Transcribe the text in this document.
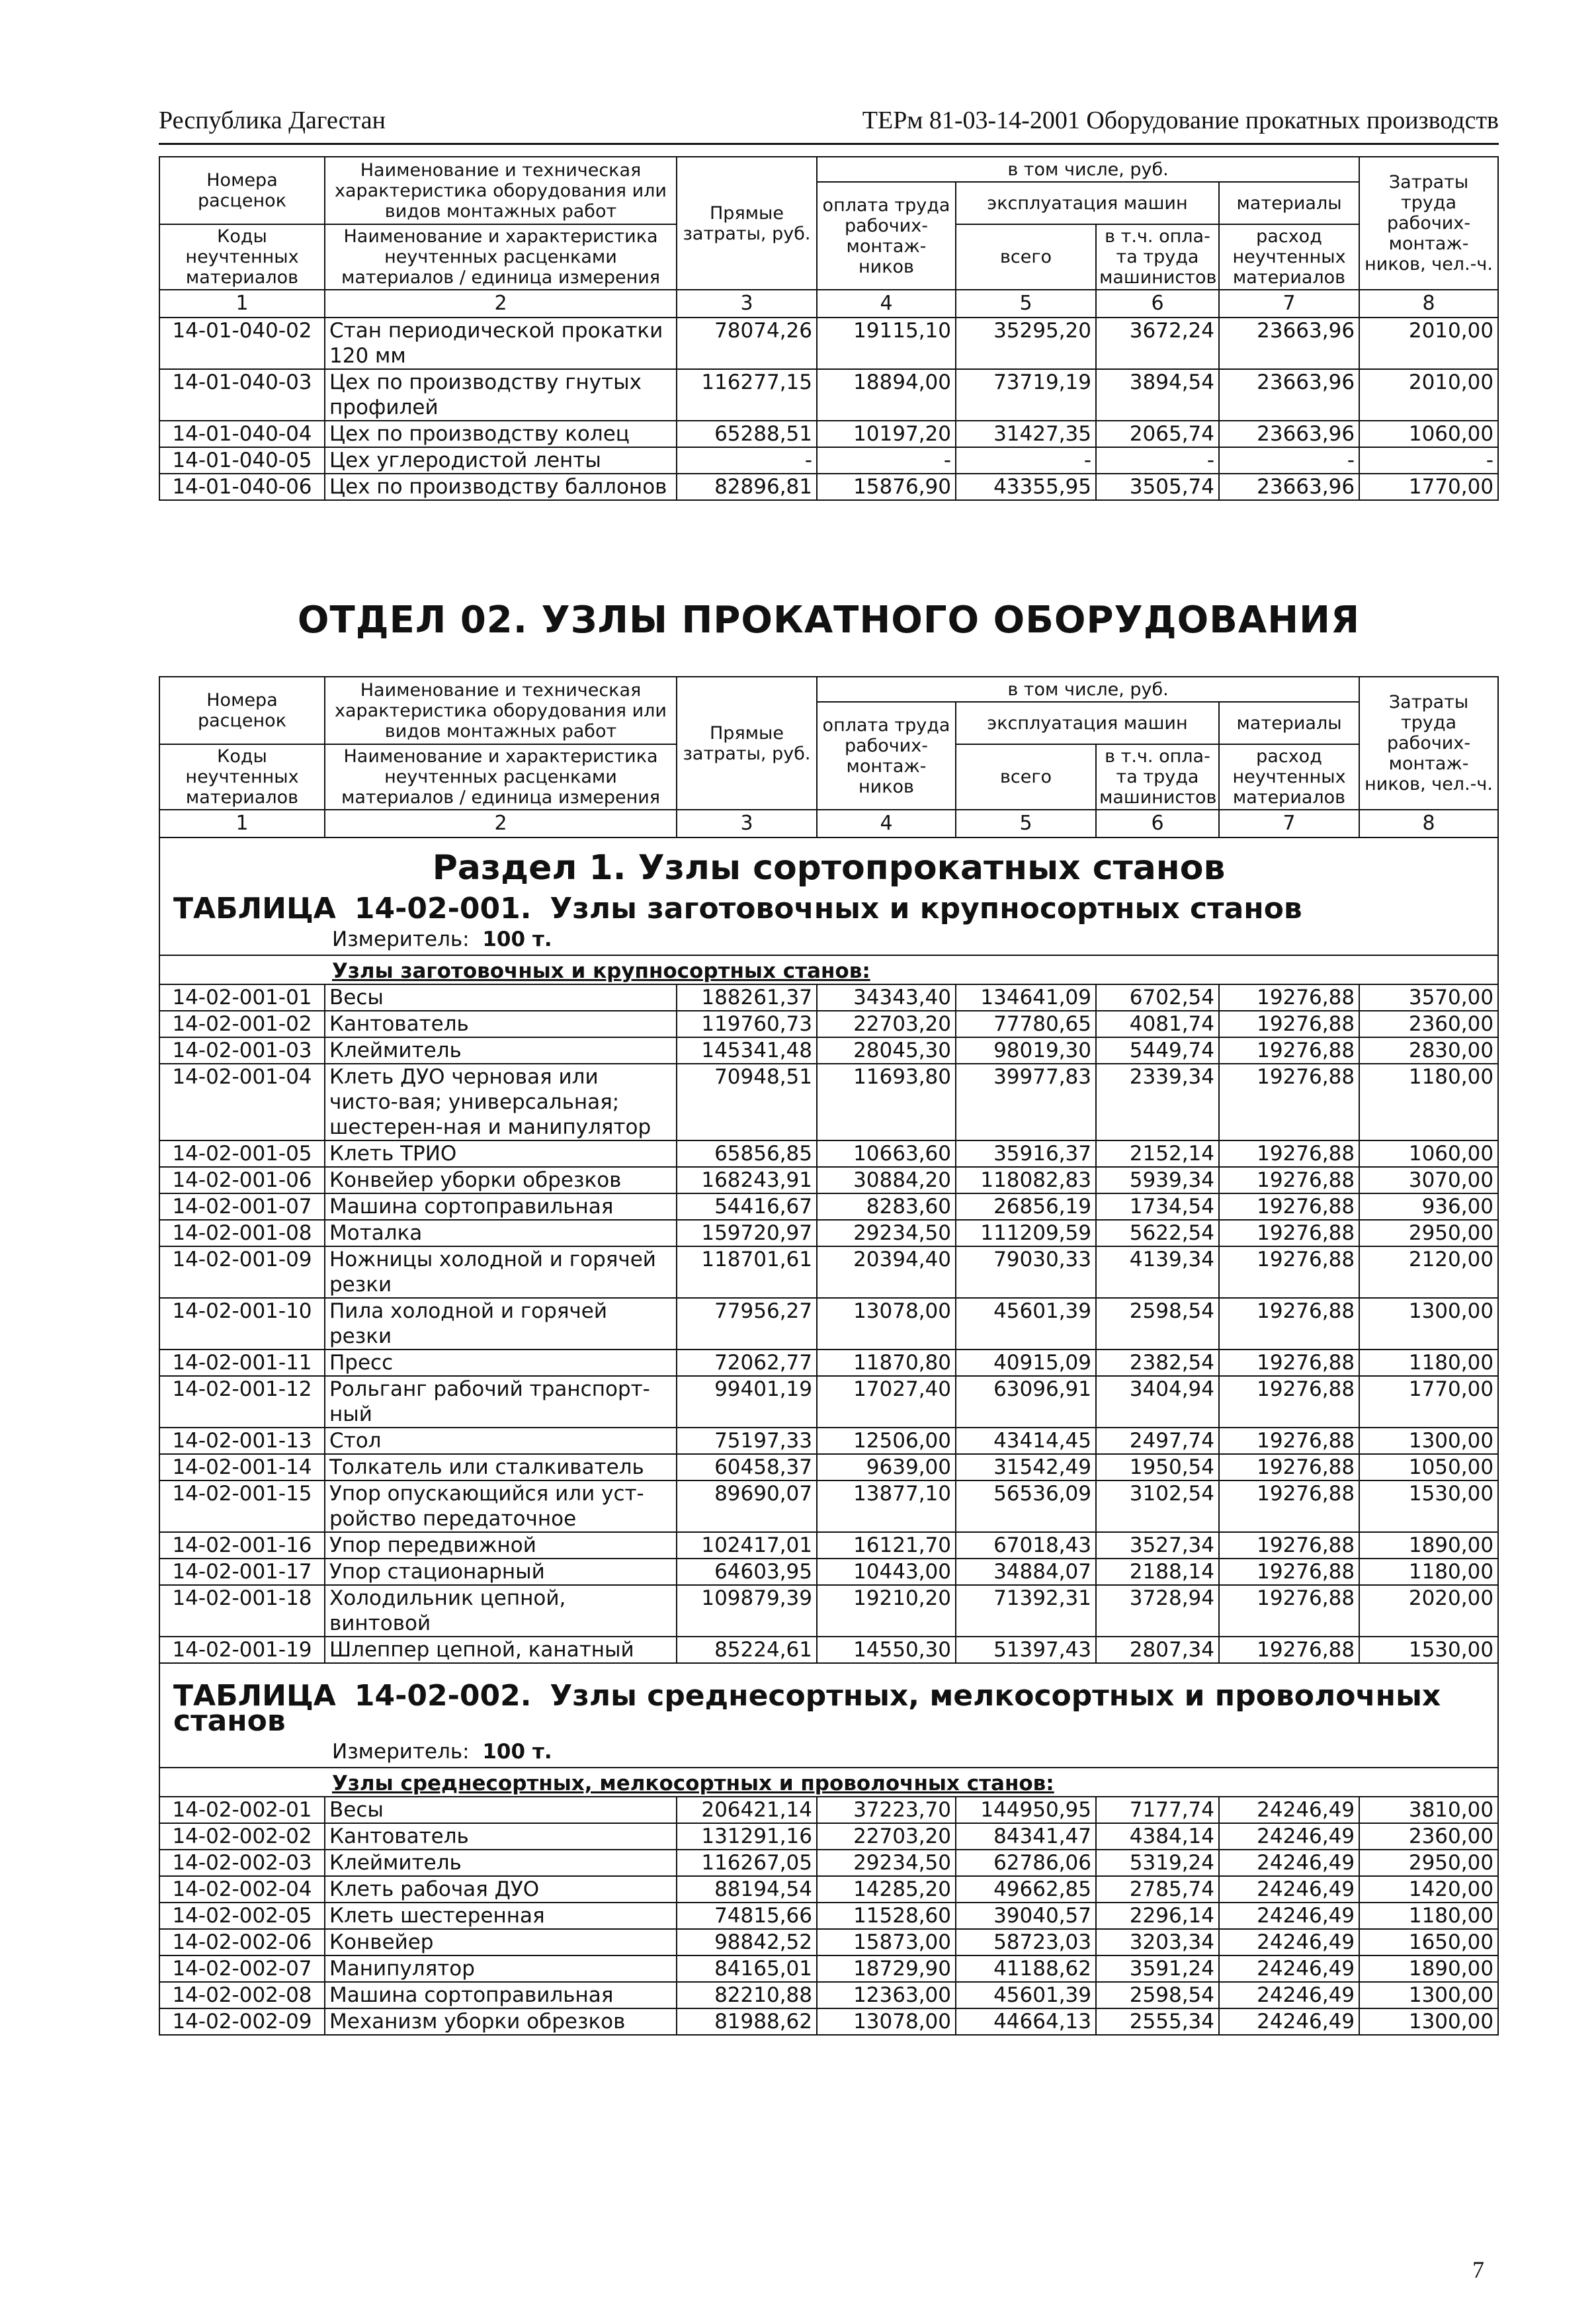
Республика Дагестан	ТЕРм 81-03-14-2001 Оборудование прокатных производств
Номера расценок	Наименование и техническая характеристика оборудования или видов монтажных работ	Прямые затраты, руб.	в том числе, руб.				Затраты труда рабочих-монтаж-ников, чел.-ч.
			оплата труда рабочих-монтаж-ников	эксплуатация машин		материалы	
Коды неучтенных материалов	Наименование и характеристика неучтенных расценками материалов / единица измерения			всего	в т.ч. опла-та труда машинистов	расход неучтенных материалов	

1	2	3	4	5	6	7	8
14-01-040-02	Стан периодической прокатки 120 мм	78074,26	19115,10	35295,20	3672,24	23663,96	2010,00
14-01-040-03	Цех по производству гнутых профилей	116277,15	18894,00	73719,19	3894,54	23663,96	2010,00
14-01-040-04	Цех по производству колец	65288,51	10197,20	31427,35	2065,74	23663,96	1060,00
14-01-040-05	Цех углеродистой ленты	-	-	-	-	-	-
14-01-040-06	Цех по производству баллонов	82896,81	15876,90	43355,95	3505,74	23663,96	1770,00
ОТДЕЛ 02. УЗЛЫ ПРОКАТНОГО ОБОРУДОВАНИЯ
Номера расценок	Наименование и техническая характеристика оборудования или видов монтажных работ	Прямые затраты, руб.	в том числе, руб.				Затраты труда рабочих-монтаж-ников, чел.-ч.
			оплата труда рабочих-монтаж-ников	эксплуатация машин		материалы	
Коды неучтенных материалов	Наименование и характеристика неучтенных расценками материалов / единица измерения			всего	в т.ч. опла-та труда машинистов	расход неучтенных материалов	

1	2	3	4	5	6	7	8

Раздел 1. Узлы сортопрокатных станов
ТАБЛИЦА 14-02-001. Узлы заготовочных и крупносортных станов
Измеритель: 100 т.							

Узлы заготовочных и крупносортных станов:							

14-02-001-01	Весы	188261,37	34343,40	134641,09	6702,54	19276,88	3570,00
14-02-001-02	Кантователь	119760,73	22703,20	77780,65	4081,74	19276,88	2360,00
14-02-001-03	Клеймитель	145341,48	28045,30	98019,30	5449,74	19276,88	2830,00
14-02-001-04	Клеть ДУО черновая или чисто-вая; универсальная; шестерен-ная и манипулятор	70948,51	11693,80	39977,83	2339,34	19276,88	1180,00
14-02-001-05	Клеть ТРИО	65856,85	10663,60	35916,37	2152,14	19276,88	1060,00
14-02-001-06	Конвейер уборки обрезков	168243,91	30884,20	118082,83	5939,34	19276,88	3070,00
14-02-001-07	Машина сортоправильная	54416,67	8283,60	26856,19	1734,54	19276,88	936,00
14-02-001-08	Моталка	159720,97	29234,50	111209,59	5622,54	19276,88	2950,00
14-02-001-09	Ножницы холодной и горячей резки	118701,61	20394,40	79030,33	4139,34	19276,88	2120,00
14-02-001-10	Пила холодной и горячей резки	77956,27	13078,00	45601,39	2598,54	19276,88	1300,00
14-02-001-11	Пресс	72062,77	11870,80	40915,09	2382,54	19276,88	1180,00
14-02-001-12	Рольганг рабочий транспорт-ный	99401,19	17027,40	63096,91	3404,94	19276,88	1770,00
14-02-001-13	Стол	75197,33	12506,00	43414,45	2497,74	19276,88	1300,00
14-02-001-14	Толкатель или сталкиватель	60458,37	9639,00	31542,49	1950,54	19276,88	1050,00
14-02-001-15	Упор опускающийся или уст-ройство передаточное	89690,07	13877,10	56536,09	3102,54	19276,88	1530,00
14-02-001-16	Упор передвижной	102417,01	16121,70	67018,43	3527,34	19276,88	1890,00
14-02-001-17	Упор стационарный	64603,95	10443,00	34884,07	2188,14	19276,88	1180,00
14-02-001-18	Холодильник цепной, винтовой	109879,39	19210,20	71392,31	3728,94	19276,88	2020,00
14-02-001-19	Шлеппер цепной, канатный	85224,61	14550,30	51397,43	2807,34	19276,88	1530,00

ТАБЛИЦА 14-02-002. Узлы среднесортных, мелкосортных и проволочных станов
Измеритель: 100 т.							

Узлы среднесортных, мелкосортных и проволочных станов:							

14-02-002-01	Весы	206421,14	37223,70	144950,95	7177,74	24246,49	3810,00
14-02-002-02	Кантователь	131291,16	22703,20	84341,47	4384,14	24246,49	2360,00
14-02-002-03	Клеймитель	116267,05	29234,50	62786,06	5319,24	24246,49	2950,00
14-02-002-04	Клеть рабочая ДУО	88194,54	14285,20	49662,85	2785,74	24246,49	1420,00
14-02-002-05	Клеть шестеренная	74815,66	11528,60	39040,57	2296,14	24246,49	1180,00
14-02-002-06	Конвейер	98842,52	15873,00	58723,03	3203,34	24246,49	1650,00
14-02-002-07	Манипулятор	84165,01	18729,90	41188,62	3591,24	24246,49	1890,00
14-02-002-08	Машина сортоправильная	82210,88	12363,00	45601,39	2598,54	24246,49	1300,00
14-02-002-09	Механизм уборки обрезков	81988,62	13078,00	44664,13	2555,34	24246,49	1300,00
7
